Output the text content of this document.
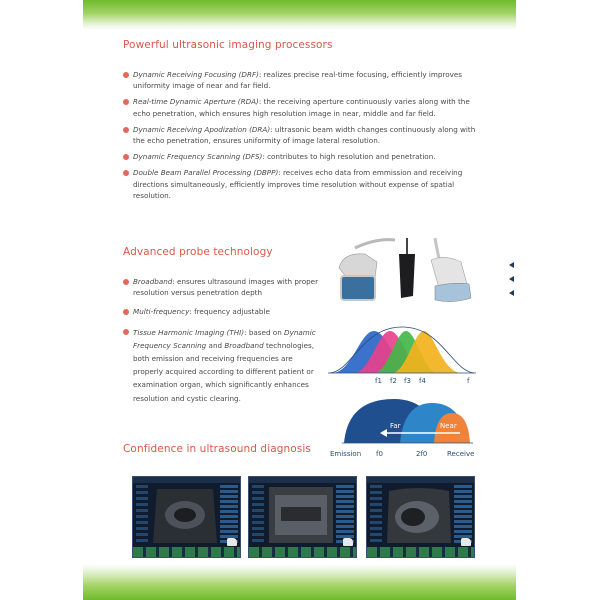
Powerful ultrasonic imaging processors
Dynamic Receiving Focusing (DRF): realizes precise real-time focusing, efficiently improves uniformity image of near and far field.
Real-time Dynamic Aperture (RDA): the receiving aperture continuously varies along with the echo penetration, which ensures high resolution image in near, middle and far field.
Dynamic Receiving Apodization (DRA): ultrasonic beam width changes continuously along with the echo penetration, ensures uniformity of image lateral resolution.
Dynamic Frequency Scanning (DFS): contributes to high resolution and penetration.
Double Beam Parallel Processing (DBPP): receives echo data from emmission and receiving directions simultaneously, efficiently improves time resolution without expense of spatial resolution.
Advanced probe technology
Broadband: ensures ultrasound images with proper resolution versus penetration depth
Multi-frequency: frequency adjustable
Tissue Harmonic Imaging (THI): based on Dynamic Frequency Scanning and Broadband technologies, both emission and receiving frequencies are properly acquired according to different patient or examination organ, which significantly enhances resolution and cystic clearing.
Confidence in ultrasound diagnosis
f1 f2 f3 f4	f
Far	Near
Emission f0	2f0	Receive
